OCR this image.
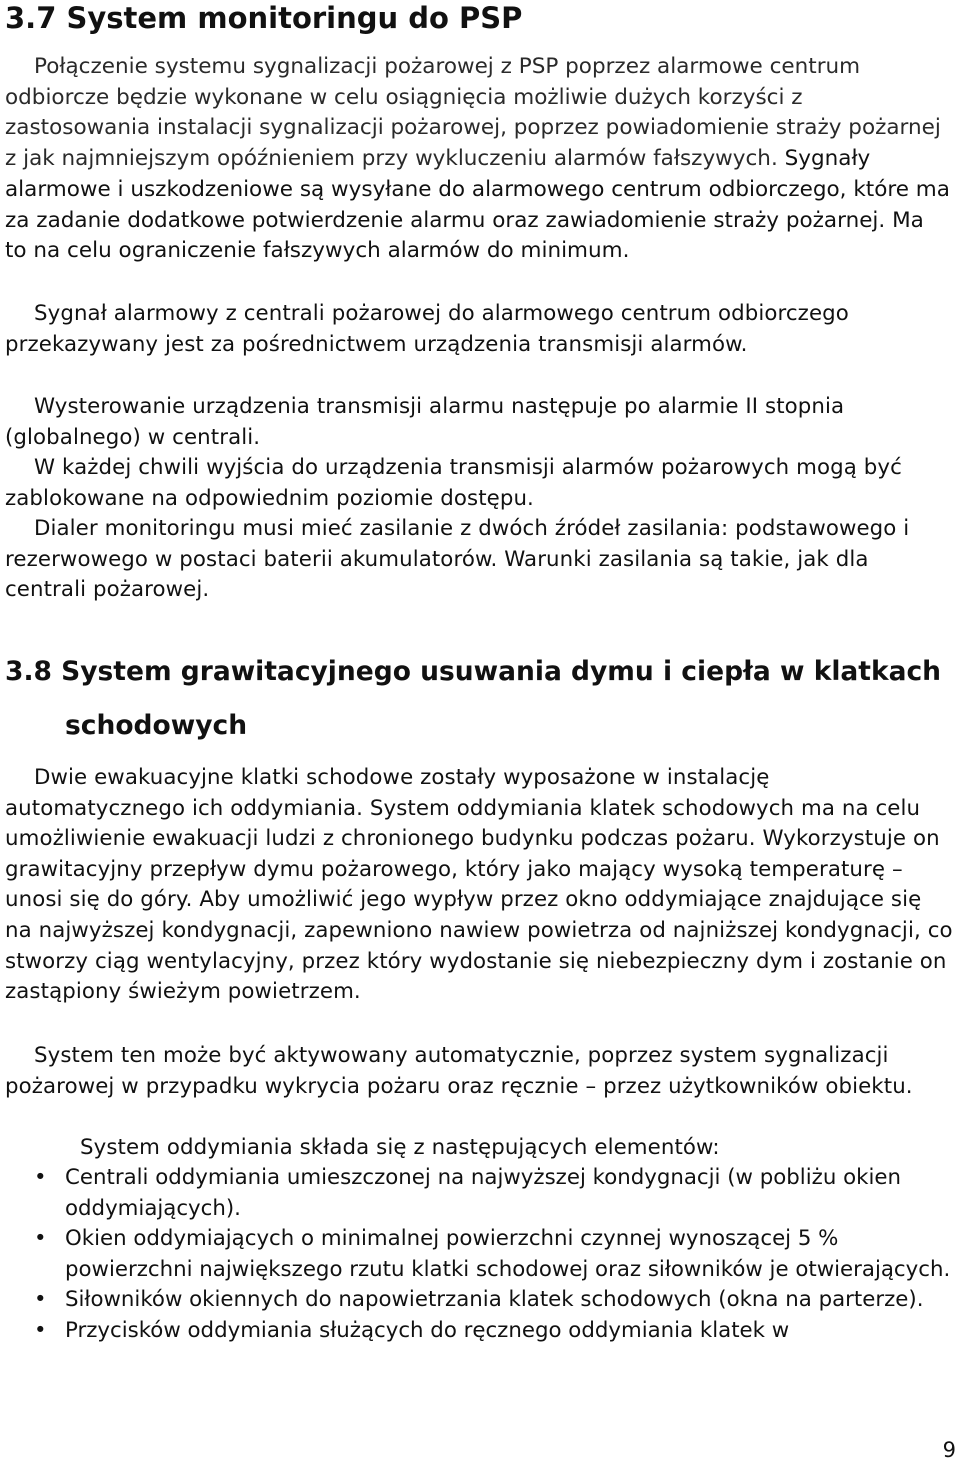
3.7 System monitoringu do PSP

Połączenie systemu sygnalizacji pożarowej z PSP poprzez alarmowe centrum odbiorcze będzie wykonane w celu osiągnięcia możliwie dużych korzyści z zastosowania instalacji sygnalizacji pożarowej, poprzez powiadomienie straży pożarnej z jak najmniejszym opóźnieniem przy wykluczeniu alarmów fałszywych. Sygnały alarmowe i uszkodzeniowe są wysyłane do alarmowego centrum odbiorczego, które ma za zadanie dodatkowe potwierdzenie alarmu oraz zawiadomienie straży pożarnej. Ma to na celu ograniczenie fałszywych alarmów do minimum.

Sygnał alarmowy z centrali pożarowej do alarmowego centrum odbiorczego przekazywany jest za pośrednictwem urządzenia transmisji alarmów.

Wysterowanie urządzenia transmisji alarmu następuje po alarmie II stopnia (globalnego) w centrali.

W każdej chwili wyjścia do urządzenia transmisji alarmów pożarowych mogą być zablokowane na odpowiednim poziomie dostępu.

Dialer monitoringu musi mieć zasilanie z dwóch źródeł zasilania: podstawowego i rezerwowego w postaci baterii akumulatorów. Warunki zasilania są takie, jak dla centrali pożarowej.

3.8 System grawitacyjnego usuwania dymu i ciepła w klatkach
schodowych

Dwie ewakuacyjne klatki schodowe zostały wyposażone w instalację automatycznego ich oddymiania. System oddymiania klatek schodowych ma na celu umożliwienie ewakuacji ludzi z chronionego budynku podczas pożaru. Wykorzystuje on grawitacyjny przepływ dymu pożarowego, który jako mający wysoką temperaturę – unosi się do góry. Aby umożliwić jego wypływ przez okno oddymiające znajdujące się na najwyższej kondygnacji, zapewniono nawiew powietrza od najniższej kondygnacji, co stworzy ciąg wentylacyjny, przez który wydostanie się niebezpieczny dym i zostanie on zastąpiony świeżym powietrzem.

System ten może być aktywowany automatycznie, poprzez system sygnalizacji pożarowej w przypadku wykrycia pożaru oraz ręcznie – przez użytkowników obiektu.

System oddymiania składa się z następujących elementów:

• Centrali oddymiania umieszczonej na najwyższej kondygnacji (w pobliżu okien oddymiających).
• Okien oddymiających o minimalnej powierzchni czynnej wynoszącej 5 % powierzchni największego rzutu klatki schodowej oraz siłowników je otwierających.
• Siłowników okiennych do napowietrzania klatek schodowych (okna na parterze).
• Przycisków oddymiania służących do ręcznego oddymiania klatek w

9
